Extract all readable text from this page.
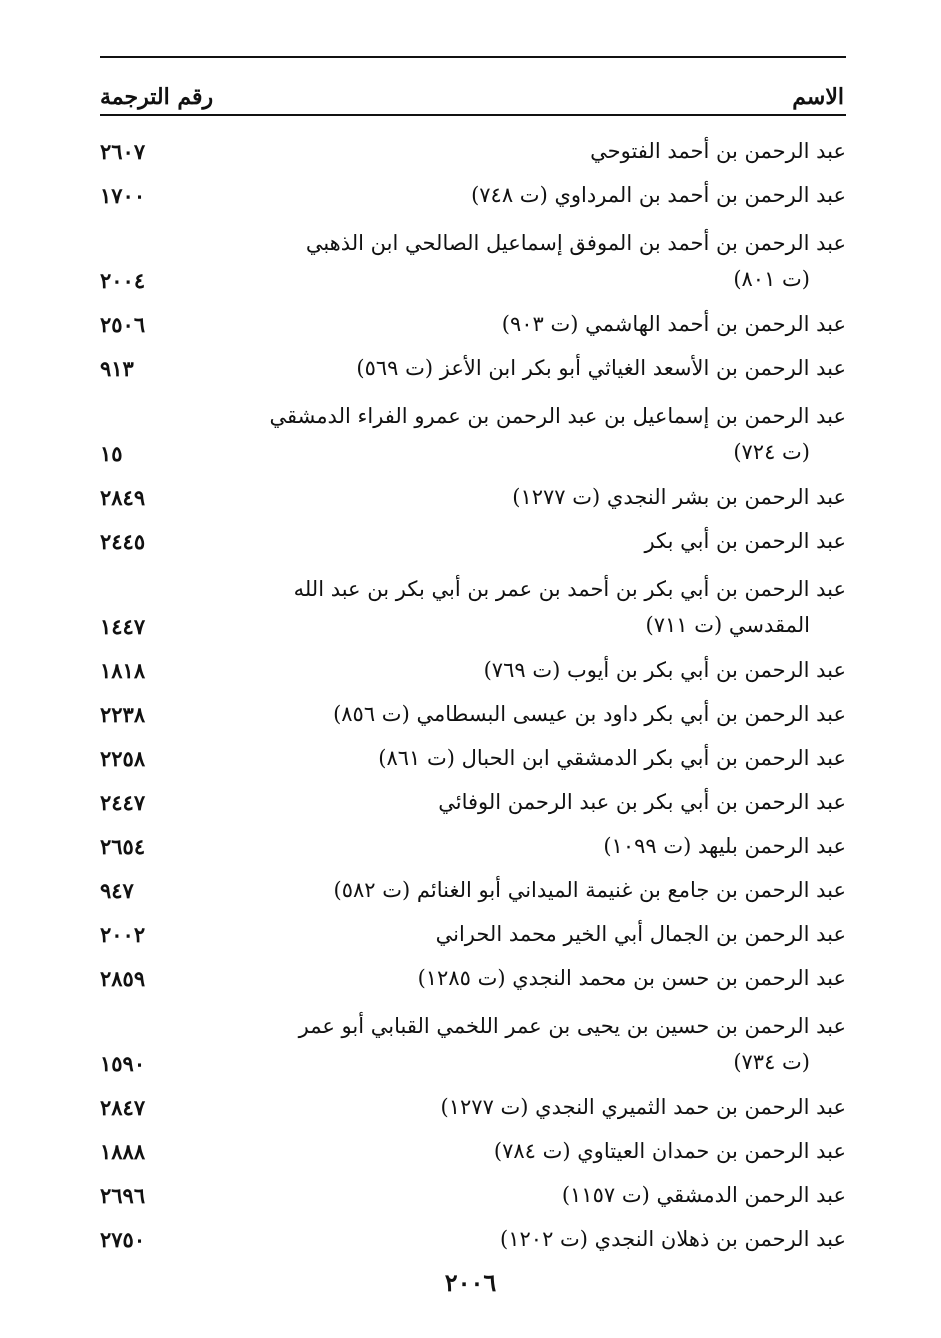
الاسم
رقم الترجمة
عبد الرحمن بن أحمد الفتوحي
٢٦٠٧
عبد الرحمن بن أحمد بن المرداوي (ت ٧٤٨)
١٧٠٠
عبد الرحمن بن أحمد بن الموفق إسماعيل الصالحي ابن الذهبي
(ت ٨٠١)
٢٠٠٤
عبد الرحمن بن أحمد الهاشمي (ت ٩٠٣)
٢٥٠٦
عبد الرحمن بن الأسعد الغياثي أبو بكر ابن الأعز (ت ٥٦٩)
٩١٣
عبد الرحمن بن إسماعيل بن عبد الرحمن بن عمرو الفراء الدمشقي
(ت ٧٢٤)
١٥
عبد الرحمن بن بشر النجدي (ت ١٢٧٧)
٢٨٤٩
عبد الرحمن بن أبي بكر
٢٤٤٥
عبد الرحمن بن أبي بكر بن أحمد بن عمر بن أبي بكر بن عبد الله
المقدسي (ت ٧١١)
١٤٤٧
عبد الرحمن بن أبي بكر بن أيوب (ت ٧٦٩)
١٨١٨
عبد الرحمن بن أبي بكر داود بن عيسى البسطامي (ت ٨٥٦)
٢٢٣٨
عبد الرحمن بن أبي بكر الدمشقي ابن الحبال (ت ٨٦١)
٢٢٥٨
عبد الرحمن بن أبي بكر بن عبد الرحمن الوفائي
٢٤٤٧
عبد الرحمن بليهد (ت ١٠٩٩)
٢٦٥٤
عبد الرحمن بن جامع بن غنيمة الميداني أبو الغنائم (ت ٥٨٢)
٩٤٧
عبد الرحمن بن الجمال أبي الخير محمد الحراني
٢٠٠٢
عبد الرحمن بن حسن بن محمد النجدي (ت ١٢٨٥)
٢٨٥٩
عبد الرحمن بن حسين بن يحيى بن عمر اللخمي القبابي أبو عمر
(ت ٧٣٤)
١٥٩٠
عبد الرحمن بن حمد الثميري النجدي (ت ١٢٧٧)
٢٨٤٧
عبد الرحمن بن حمدان العيتاوي (ت ٧٨٤)
١٨٨٨
عبد الرحمن الدمشقي (ت ١١٥٧)
٢٦٩٦
عبد الرحمن بن ذهلان النجدي (ت ١٢٠٢)
٢٧٥٠
٢٠٠٦
